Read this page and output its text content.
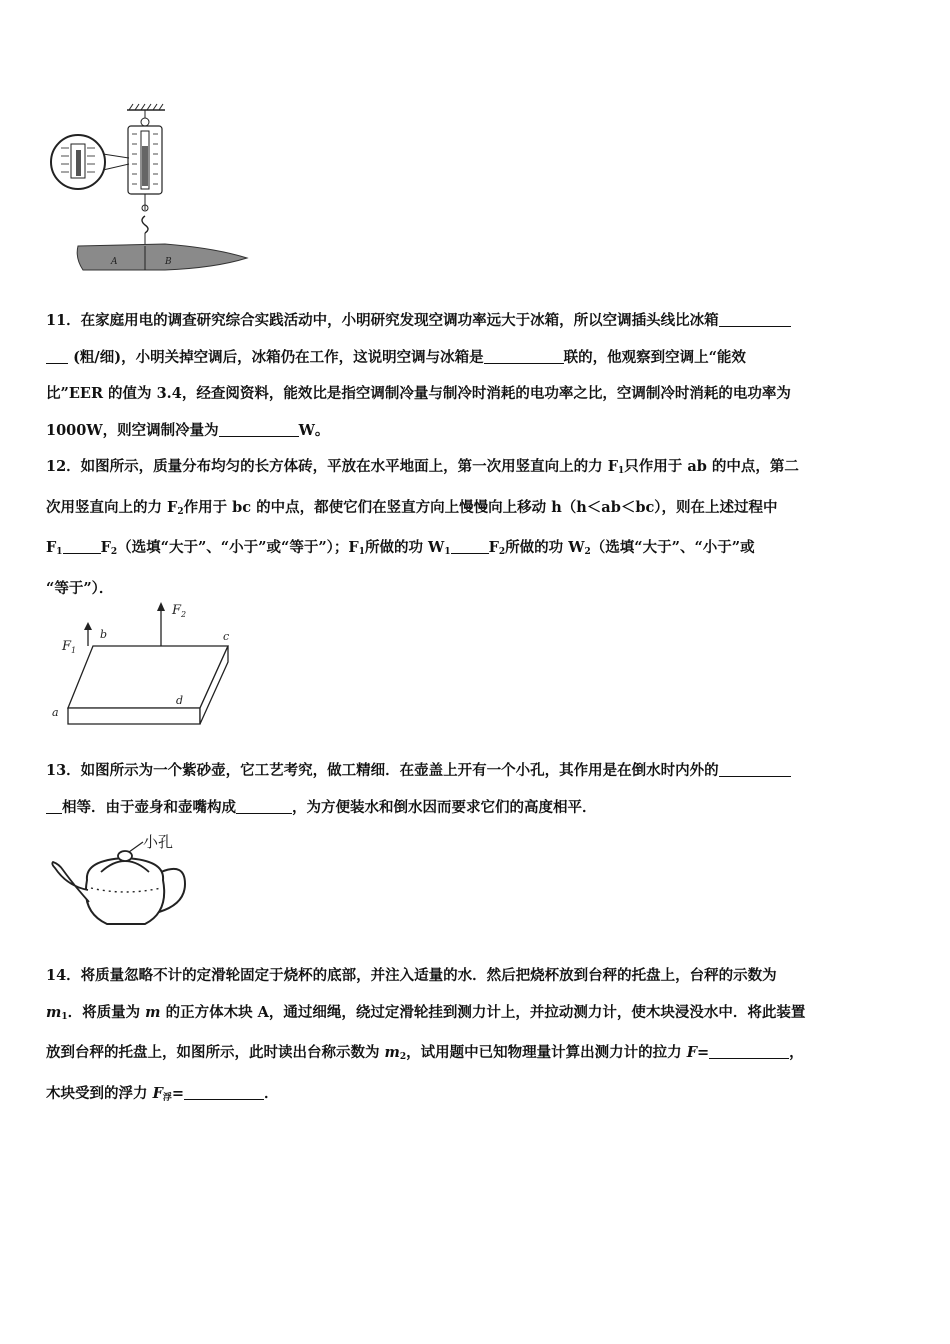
A	B
11．在家庭用电的调查研究综合实践活动中，小明研究发现空调功率远大于冰箱，所以空调插头线比冰箱
(粗/细)，小明关掉空调后，冰箱仍在工作，这说明空调与冰箱是	联的，他观察到空调上“能效
比”EER 的值为 3.4，经查阅资料，能效比是指空调制冷量与制冷时消耗的电功率之比，空调制冷时消耗的电功率为
1000W，则空调制冷量为	W。
12．如图所示，质量分布均匀的长方体砖，平放在水平地面上，第一次用竖直向上的力 $F_1$只作用于 ab 的中点，第二
次用竖直向上的力 $F_2$作用于 bc 的中点，都使它们在竖直方向上慢慢向上移动 h（h＜ab＜bc），则在上述过程中
$F_1$	$F_2$（选填“大于”、“小于”或“等于”）；$F_1$所做的功 $W_1$	$F_2$所做的功 $W_2$（选填“大于”、“小于”或
“等于”）．
$F_1$
$F_2$
b	c
a
d
13．如图所示为一个紫砂壶，它工艺考究，做工精细．在壶盖上开有一个小孔，其作用是在倒水时内外的
相等．由于壶身和壶嘴构成	，为方便装水和倒水因而要求它们的高度相平．
小孔
14．将质量忽略不计的定滑轮固定于烧杯的底部，并注入适量的水．然后把烧杯放到台秤的托盘上，台秤的示数为
$m_1$．将质量为 m 的正方体木块 A，通过细绳，绕过定滑轮挂到测力计上，并拉动测力计，使木块浸没水中．将此装置
放到台秤的托盘上，如图所示，此时读出台称示数为 $m_2$，试用题中已知物理量计算出测力计的拉力 F=	，
木块受到的浮力 $F_浮=$	．
